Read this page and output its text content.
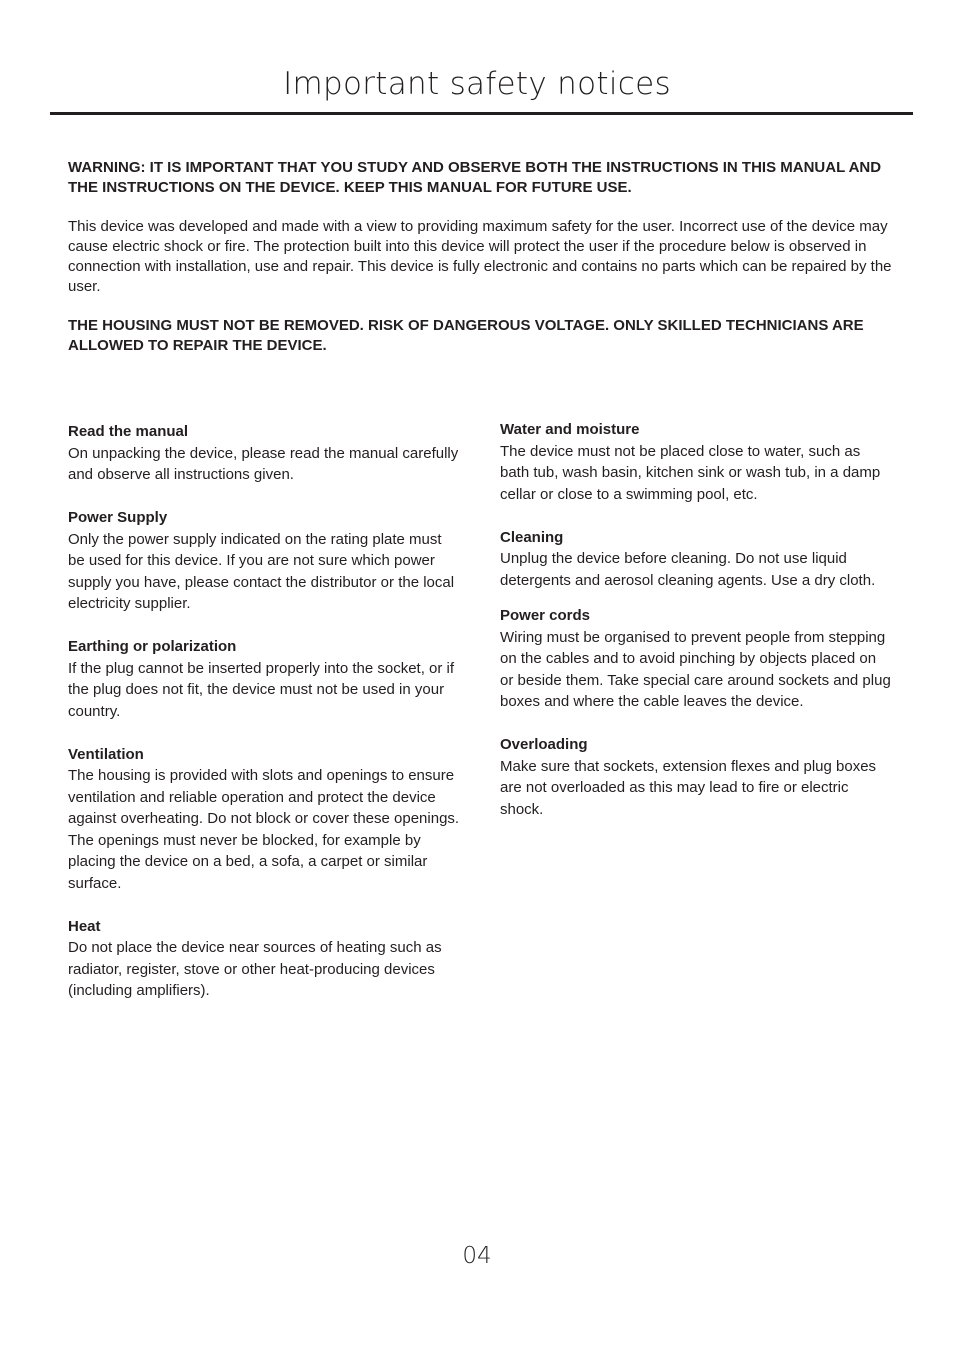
Important safety notices

WARNING: IT IS IMPORTANT THAT YOU STUDY AND OBSERVE BOTH THE INSTRUCTIONS IN THIS MANUAL AND THE INSTRUCTIONS ON THE DEVICE. KEEP THIS MANUAL FOR FUTURE USE.

This device was developed and made with a view to providing maximum safety for the user. Incorrect use of the device may cause electric shock or fire. The protection built into this device will protect the user if the procedure below is observed in connection with installation, use and repair. This device is fully electronic and contains no parts which can be repaired by the user.

THE HOUSING MUST NOT BE REMOVED. RISK OF DANGEROUS VOLTAGE. ONLY SKILLED TECHNICIANS ARE ALLOWED TO REPAIR THE DEVICE.

Read the manual

On unpacking the device, please read the manual carefully and observe all instructions given.

Power Supply

Only the power supply indicated on the rating plate must be used for this device. If you are not sure which power supply you have, please contact the distributor or the local electricity supplier.

Earthing or polarization

If the plug cannot be inserted properly into the socket, or if the plug does not fit, the device must not be used in your country.

Ventilation

The housing is provided with slots and openings to ensure ventilation and reliable operation and protect the device against overheating. Do not block or cover these openings. The openings must never be blocked, for example by placing the device on a bed, a sofa, a carpet or similar surface.

Heat

Do not place the device near sources of heating such as radiator, register, stove or other heat-producing devices (including amplifiers).

Water and moisture

The device must not be placed close to water, such as bath tub, wash basin, kitchen sink or wash tub, in a damp cellar or close to a swimming pool, etc.

Cleaning

Unplug the device before cleaning. Do not use liquid detergents and aerosol cleaning agents. Use a dry cloth.

Power cords

Wiring must be organised to prevent people from stepping on the cables and to avoid pinching by objects placed on or beside them. Take special care around sockets and plug boxes and where the cable leaves the device.

Overloading

Make sure that sockets, extension flexes and plug boxes are not overloaded as this may lead to fire or electric shock.

04
